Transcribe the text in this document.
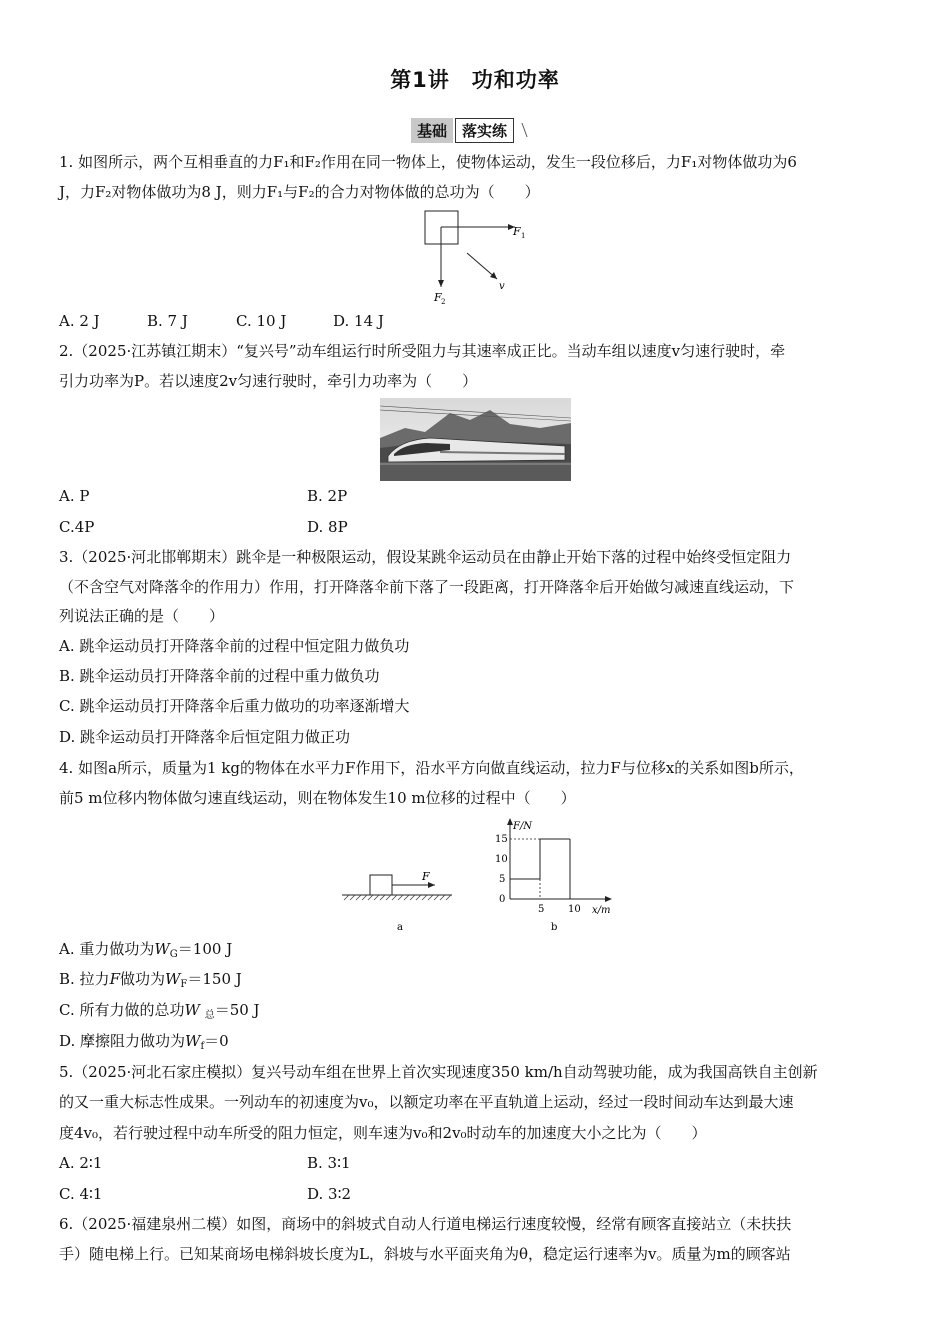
第1讲　功和功率
基础	落实练
1. 如图所示，两个互相垂直的力F₁和F₂作用在同一物体上，使物体运动，发生一段位移后，力F₁对物体做功为6
J，力F₂对物体做功为8 J，则力F₁与F₂的合力对物体做的总功为（　　）
F 1
F 2
v
A. 2 J	B. 7 J	C. 10 J	D. 14 J
2.（2025·江苏镇江期末）“复兴号”动车组运行时所受阻力与其速率成正比。当动车组以速度v匀速行驶时，牵
引力功率为P。若以速度2v匀速行驶时，牵引力功率为（　　）
A. P	B. 2P
C.4P	D. 8P
3.（2025·河北邯郸期末）跳伞是一种极限运动，假设某跳伞运动员在由静止开始下落的过程中始终受恒定阻力
（不含空气对降落伞的作用力）作用，打开降落伞前下落了一段距离，打开降落伞后开始做匀减速直线运动，下
列说法正确的是（　　）
A. 跳伞运动员打开降落伞前的过程中恒定阻力做负功
B. 跳伞运动员打开降落伞前的过程中重力做负功
C. 跳伞运动员打开降落伞后重力做功的功率逐渐增大
D. 跳伞运动员打开降落伞后恒定阻力做正功
4. 如图a所示，质量为1 kg的物体在水平力F作用下，沿水平方向做直线运动，拉力F与位移x的关系如图b所示，
前5 m位移内物体做匀速直线运动，则在物体发生10 m位移的过程中（　　）
F
a
F/N
x/m
15
10
5
0
5 10
b
A. 重力做功为$W_G=100$ J
B. 拉力F做功为$W_F=150$ J
C. 所有力做的总功W $_总$＝50 J
D. 摩擦阻力做功为$W_f=0$
5.（2025·河北石家庄模拟）复兴号动车组在世界上首次实现速度350 km/h自动驾驶功能，成为我国高铁自主创新
的又一重大标志性成果。一列动车的初速度为v₀，以额定功率在平直轨道上运动，经过一段时间动车达到最大速
度4v₀，若行驶过程中动车所受的阻力恒定，则车速为v₀和2v₀时动车的加速度大小之比为（　　）
A. 2∶1	B. 3∶1
C. 4∶1	D. 3∶2
6.（2025·福建泉州二模）如图，商场中的斜坡式自动人行道电梯运行速度较慢，经常有顾客直接站立（未扶扶
手）随电梯上行。已知某商场电梯斜坡长度为L，斜坡与水平面夹角为θ，稳定运行速率为v。质量为m的顾客站
